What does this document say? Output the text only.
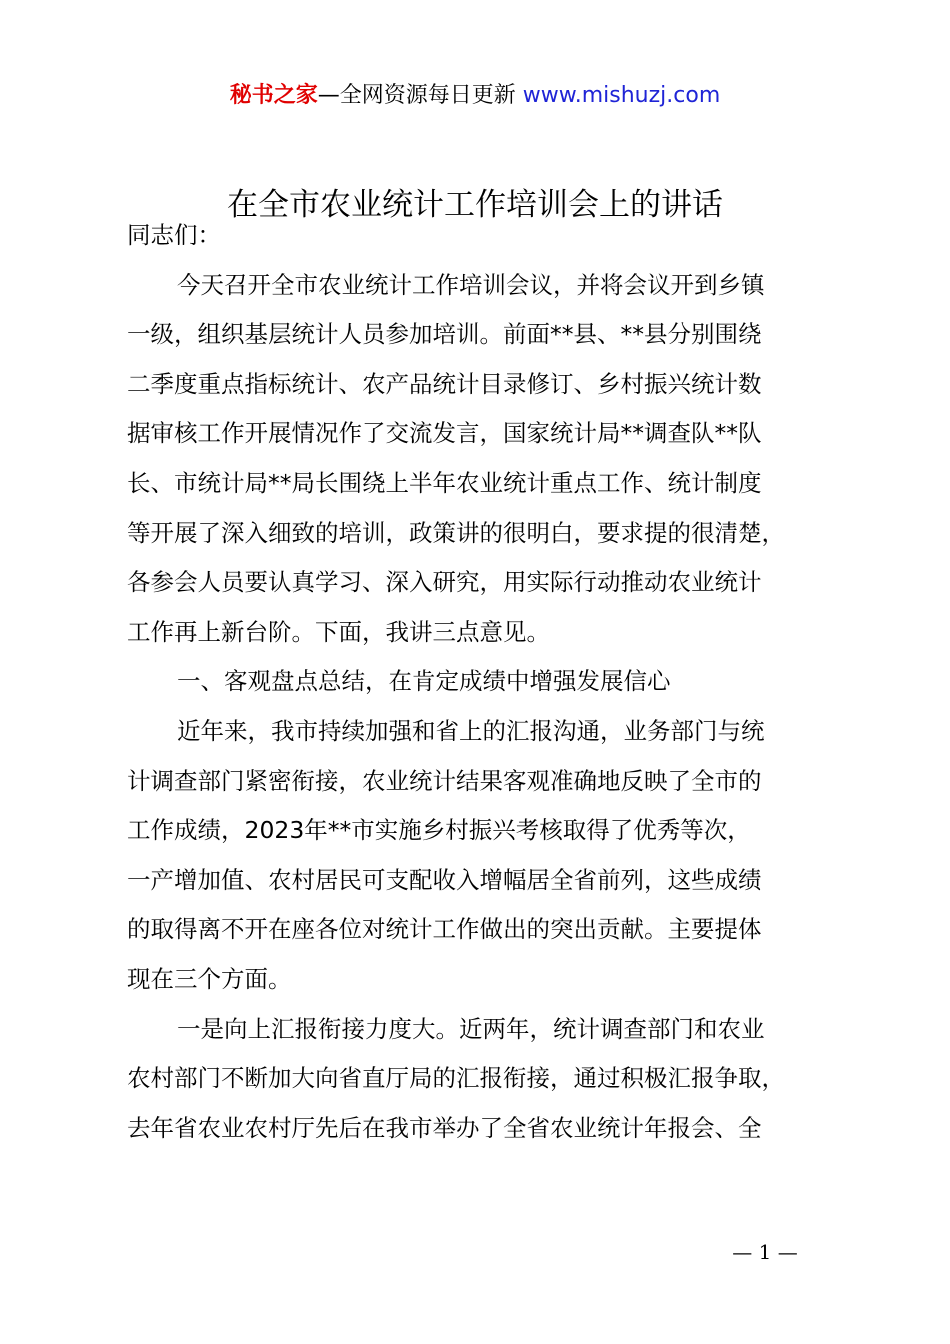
秘书之家—全网资源每日更新 www.mishuzj.com
在全市农业统计工作培训会上的讲话
同志们：
今天召开全市农业统计工作培训会议，并将会议开到乡镇
一级，组织基层统计人员参加培训。前面**县、**县分别围绕
二季度重点指标统计、农产品统计目录修订、乡村振兴统计数
据审核工作开展情况作了交流发言，国家统计局**调查队**队
长、市统计局**局长围绕上半年农业统计重点工作、统计制度
等开展了深入细致的培训，政策讲的很明白，要求提的很清楚，
各参会人员要认真学习、深入研究，用实际行动推动农业统计
工作再上新台阶。下面，我讲三点意见。
一、客观盘点总结，在肯定成绩中增强发展信心
近年来，我市持续加强和省上的汇报沟通，业务部门与统
计调查部门紧密衔接，农业统计结果客观准确地反映了全市的
工作成绩，2023年**市实施乡村振兴考核取得了优秀等次，
一产增加值、农村居民可支配收入增幅居全省前列，这些成绩
的取得离不开在座各位对统计工作做出的突出贡献。主要提体
现在三个方面。
一是向上汇报衔接力度大。近两年，统计调查部门和农业
农村部门不断加大向省直厅局的汇报衔接，通过积极汇报争取，
去年省农业农村厅先后在我市举办了全省农业统计年报会、全
— 1 —
